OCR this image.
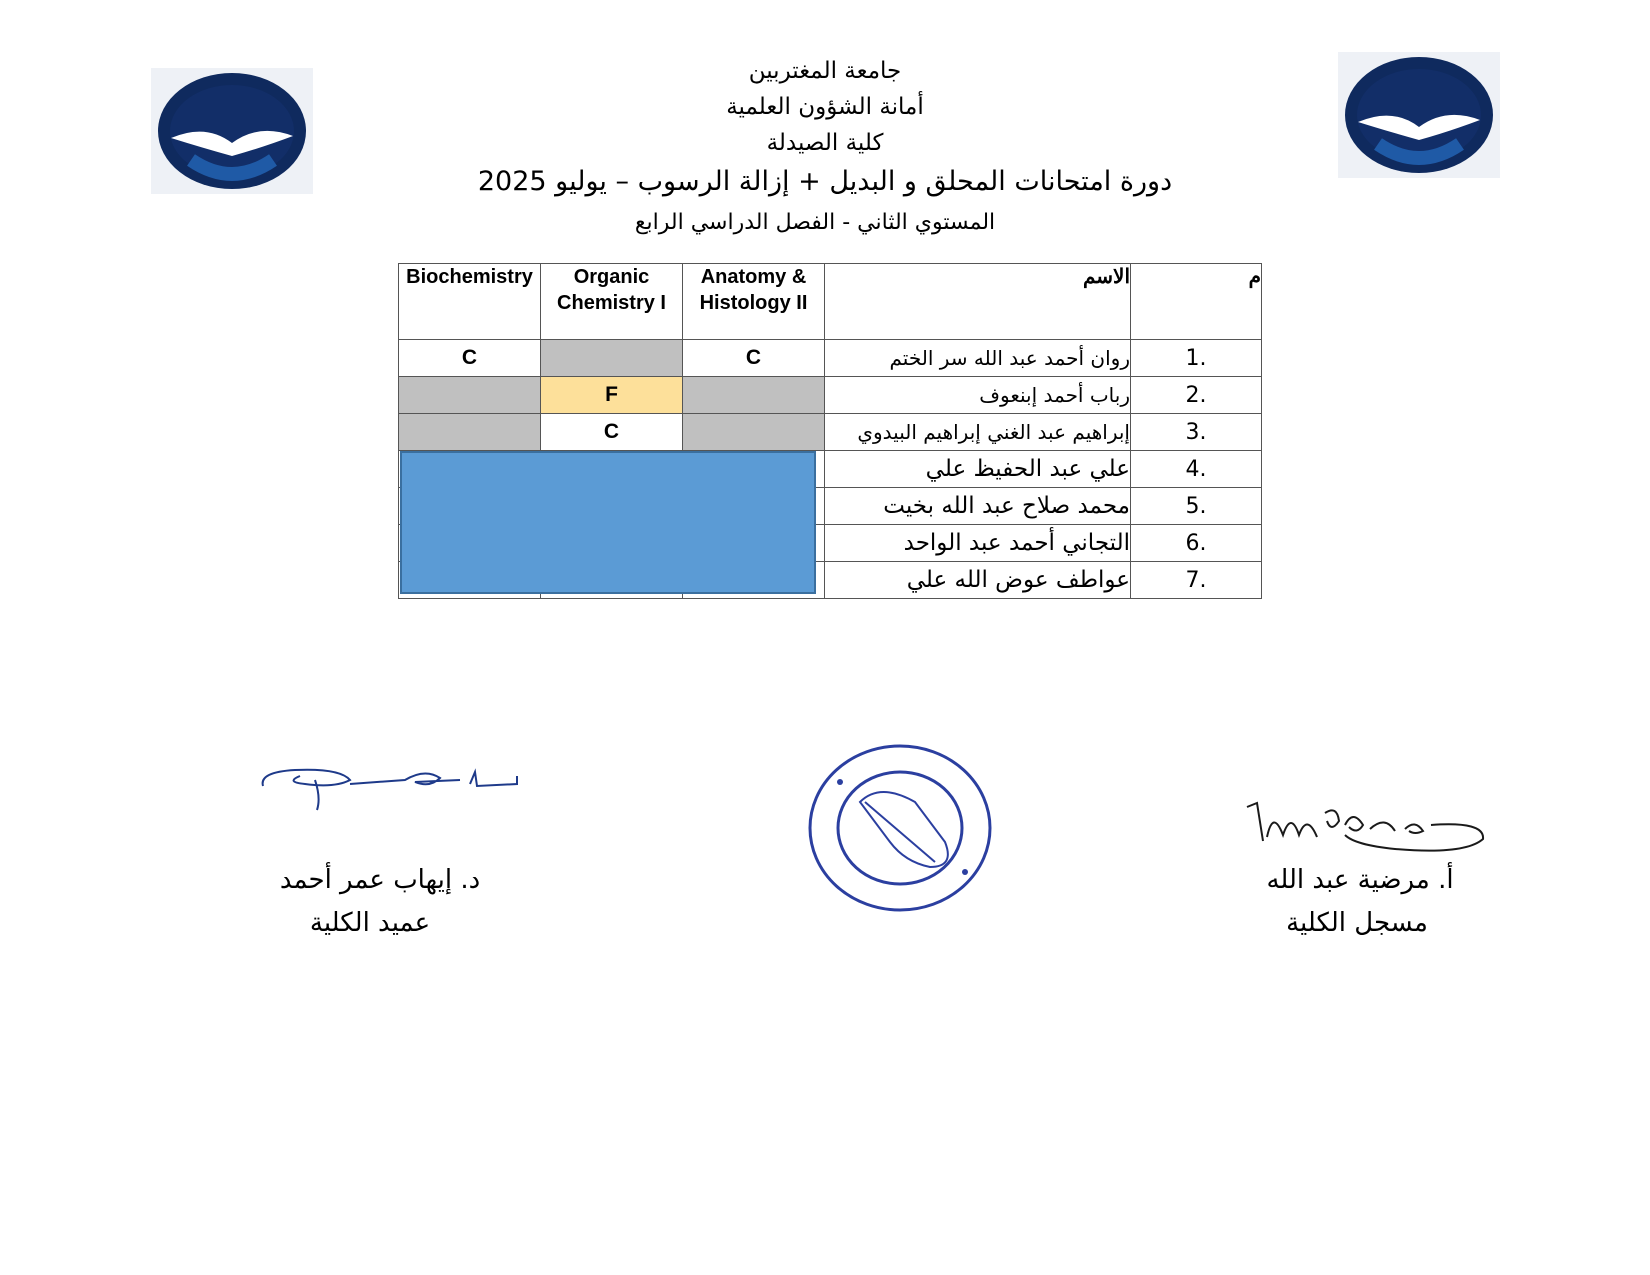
جامعة المغتربين
أمانة الشؤون العلمية
كلية الصيدلة
دورة امتحانات المحلق و البديل + إزالة الرسوب – يوليو 2025
المستوي الثاني - الفصل الدراسي الرابع
Biochemistry	Organic Chemistry I	Anatomy & Histology II	الاسم	م
C		C	روان أحمد عبد الله سر الختم	1.
	F		رباب أحمد إبنعوف	2.
	C		إبراهيم عبد الغني إبراهيم البيدوي	3.
			علي عبد الحفيظ علي	4.
			محمد صلاح عبد الله بخيت	5.
			التجاني أحمد عبد الواحد	6.
			عواطف عوض الله علي	7.
د. إيهاب عمر أحمد
عميد الكلية
أ. مرضية عبد الله
مسجل الكلية
